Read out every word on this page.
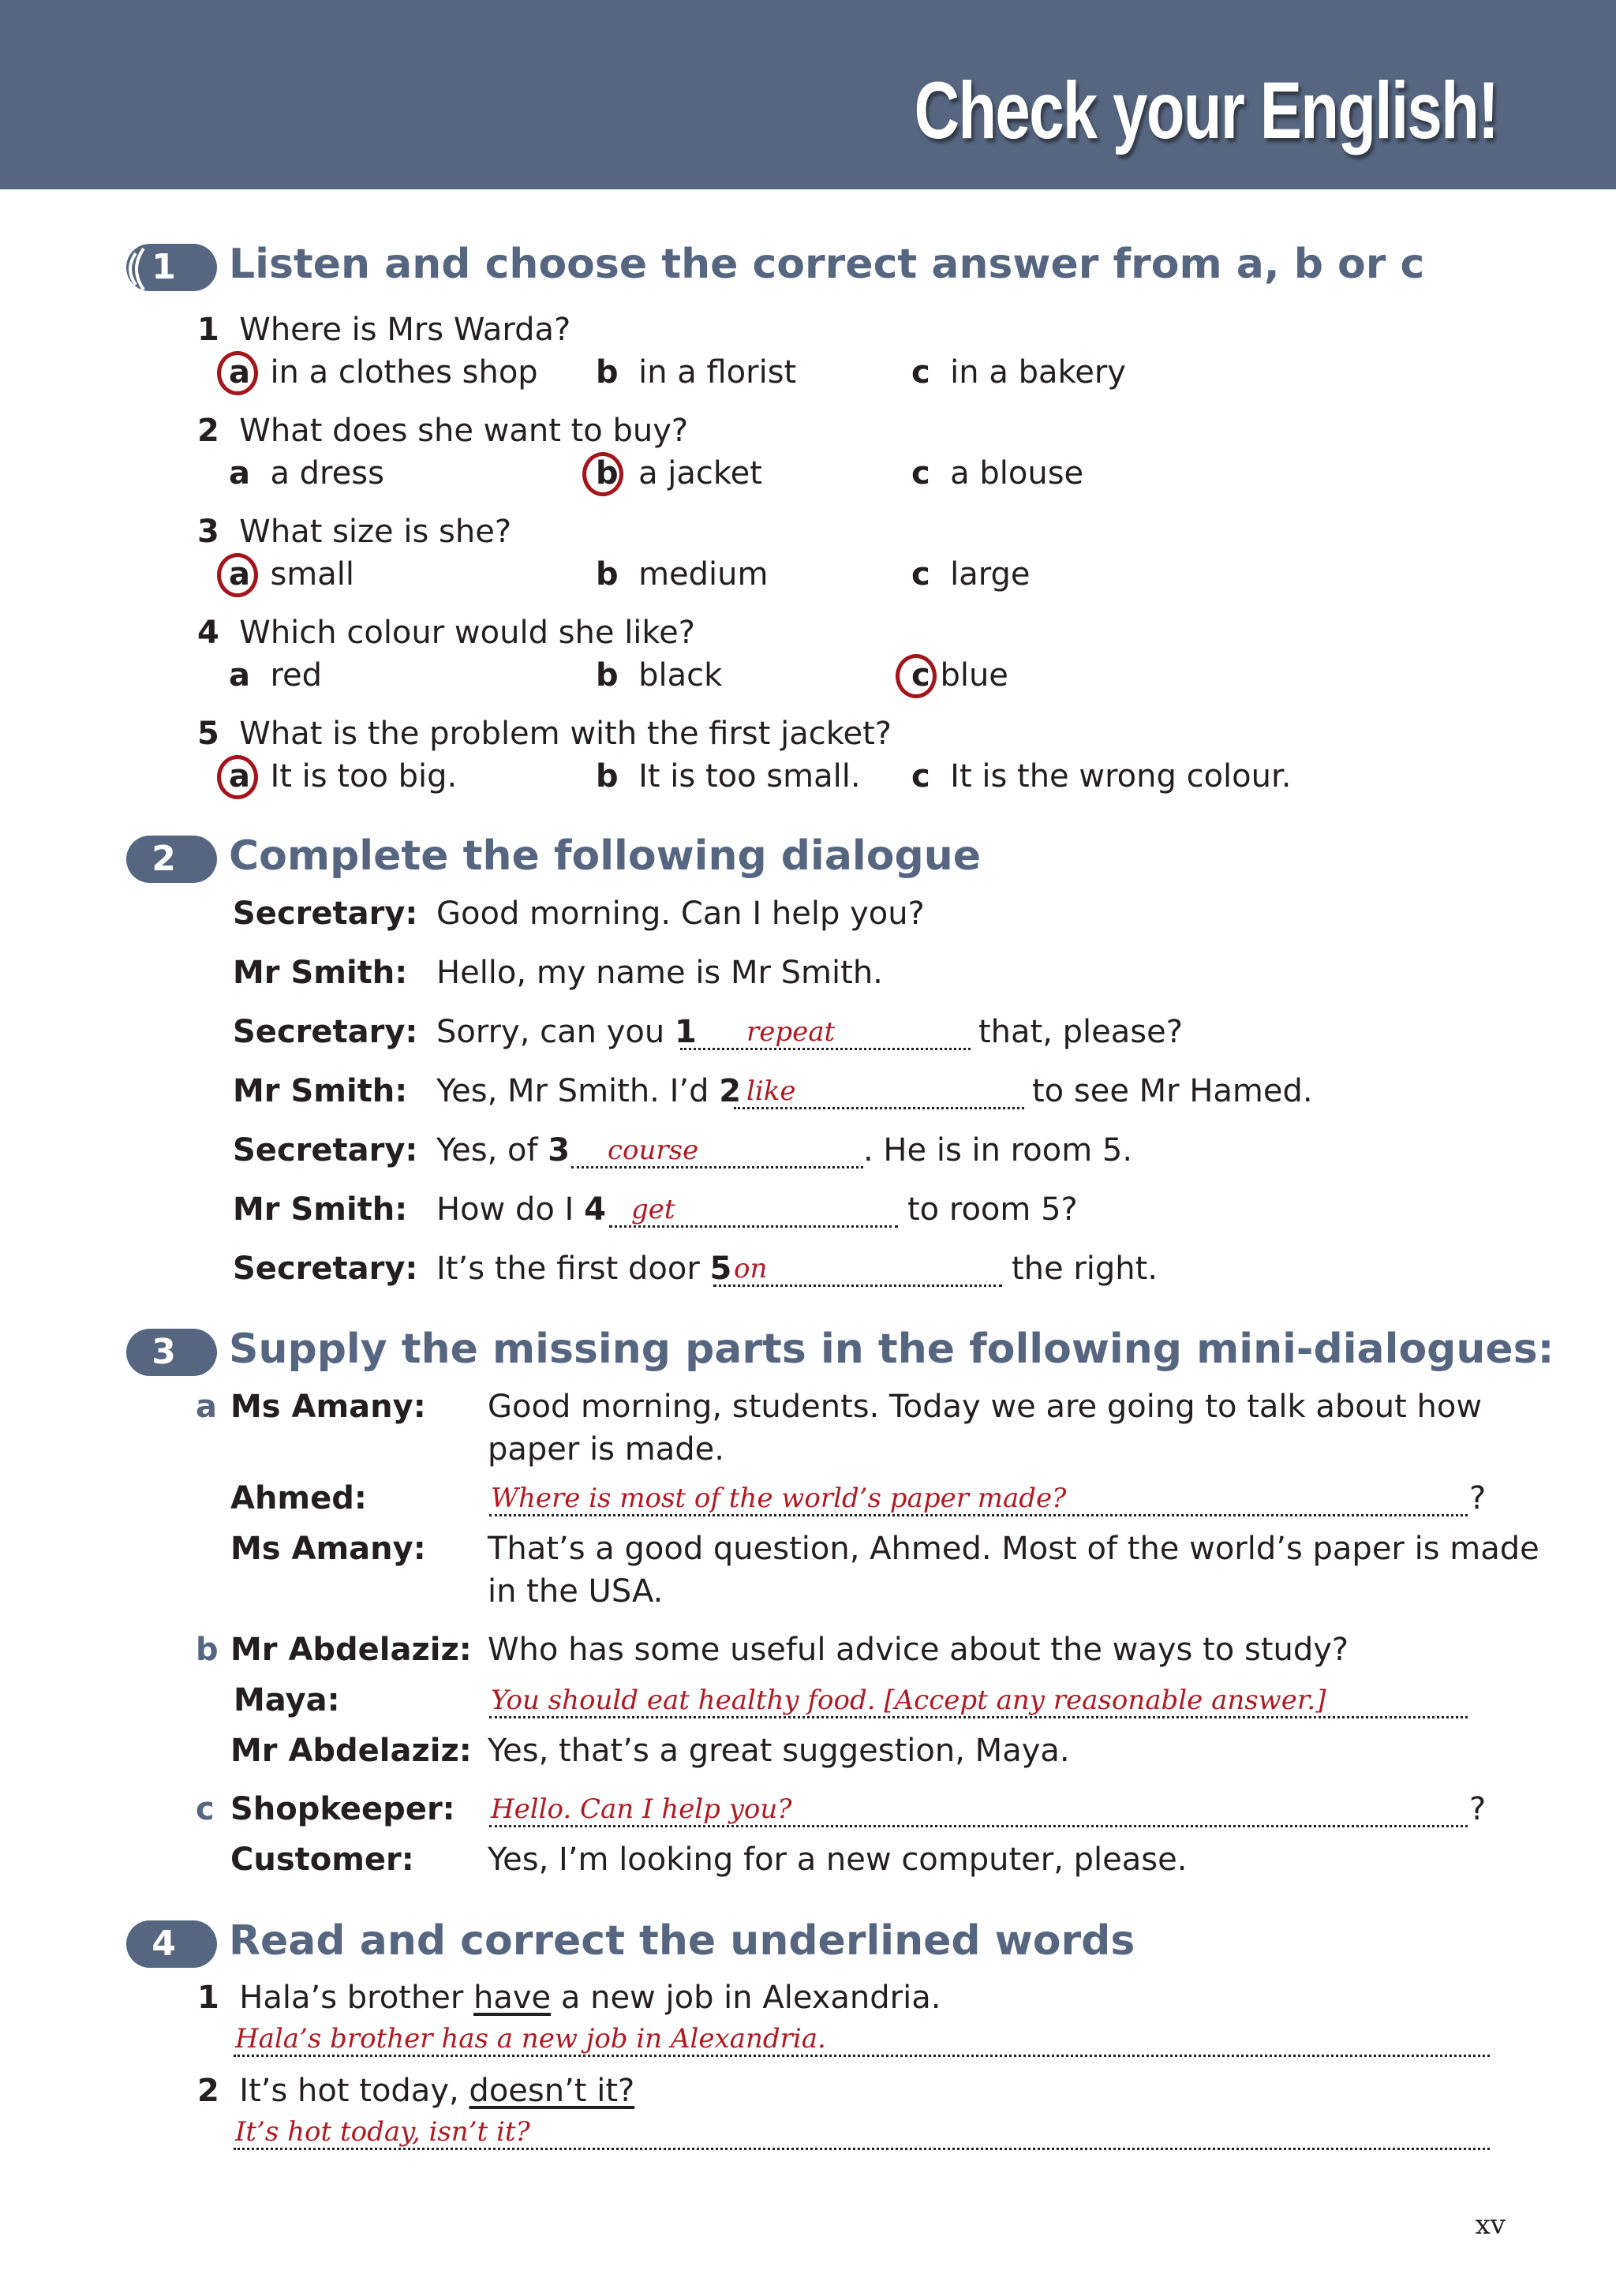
Check your English!
1	Listen and choose the correct answer from a, b or c
1 Where is Mrs Warda?
a in a clothes shop b in a florist	c in a bakery
2 What does she want to buy?
a a dress	b a jacket	c a blouse
3 What size is she?
a small	b medium	c large
4 Which colour would she like?
a red	b black	c blue
5 What is the problem with the first jacket?
a It is too big.	b It is too small. c It is the wrong colour.
2	Complete the following dialogue
Secretary: Good morning. Can I help you?
Mr Smith: Hello, my name is Mr Smith.
Secretary: Sorry, can you 1 repeat	that, please?
Mr Smith: Yes, Mr Smith. I’d 2 like	to see Mr Hamed.
Secretary: Yes, of 3 course	. He is in room 5.
Mr Smith: How do I 4 get	to room 5?
Secretary: It’s the first door 5 on	the right.
3	Supply the missing parts in the following mini-dialogues:
a Ms Amany: Good morning, students. Today we are going to talk about how
paper is made.
Ahmed:	Where is most of the world’s paper made?	?
Ms Amany: That’s a good question, Ahmed. Most of the world’s paper is made
in the USA.
b Mr Abdelaziz: Who has some useful advice about the ways to study?
Maya:	You should eat healthy food. [Accept any reasonable answer.]
Mr Abdelaziz: Yes, that’s a great suggestion, Maya.
c Shopkeeper: Hello. Can I help you?	?
Customer: Yes, I’m looking for a new computer, please.
4	Read and correct the underlined words
1 Hala’s brother have a new job in Alexandria.
Hala’s brother has a new job in Alexandria.
2 It’s hot today, doesn’t it?
It’s hot today, isn’t it?
xv
